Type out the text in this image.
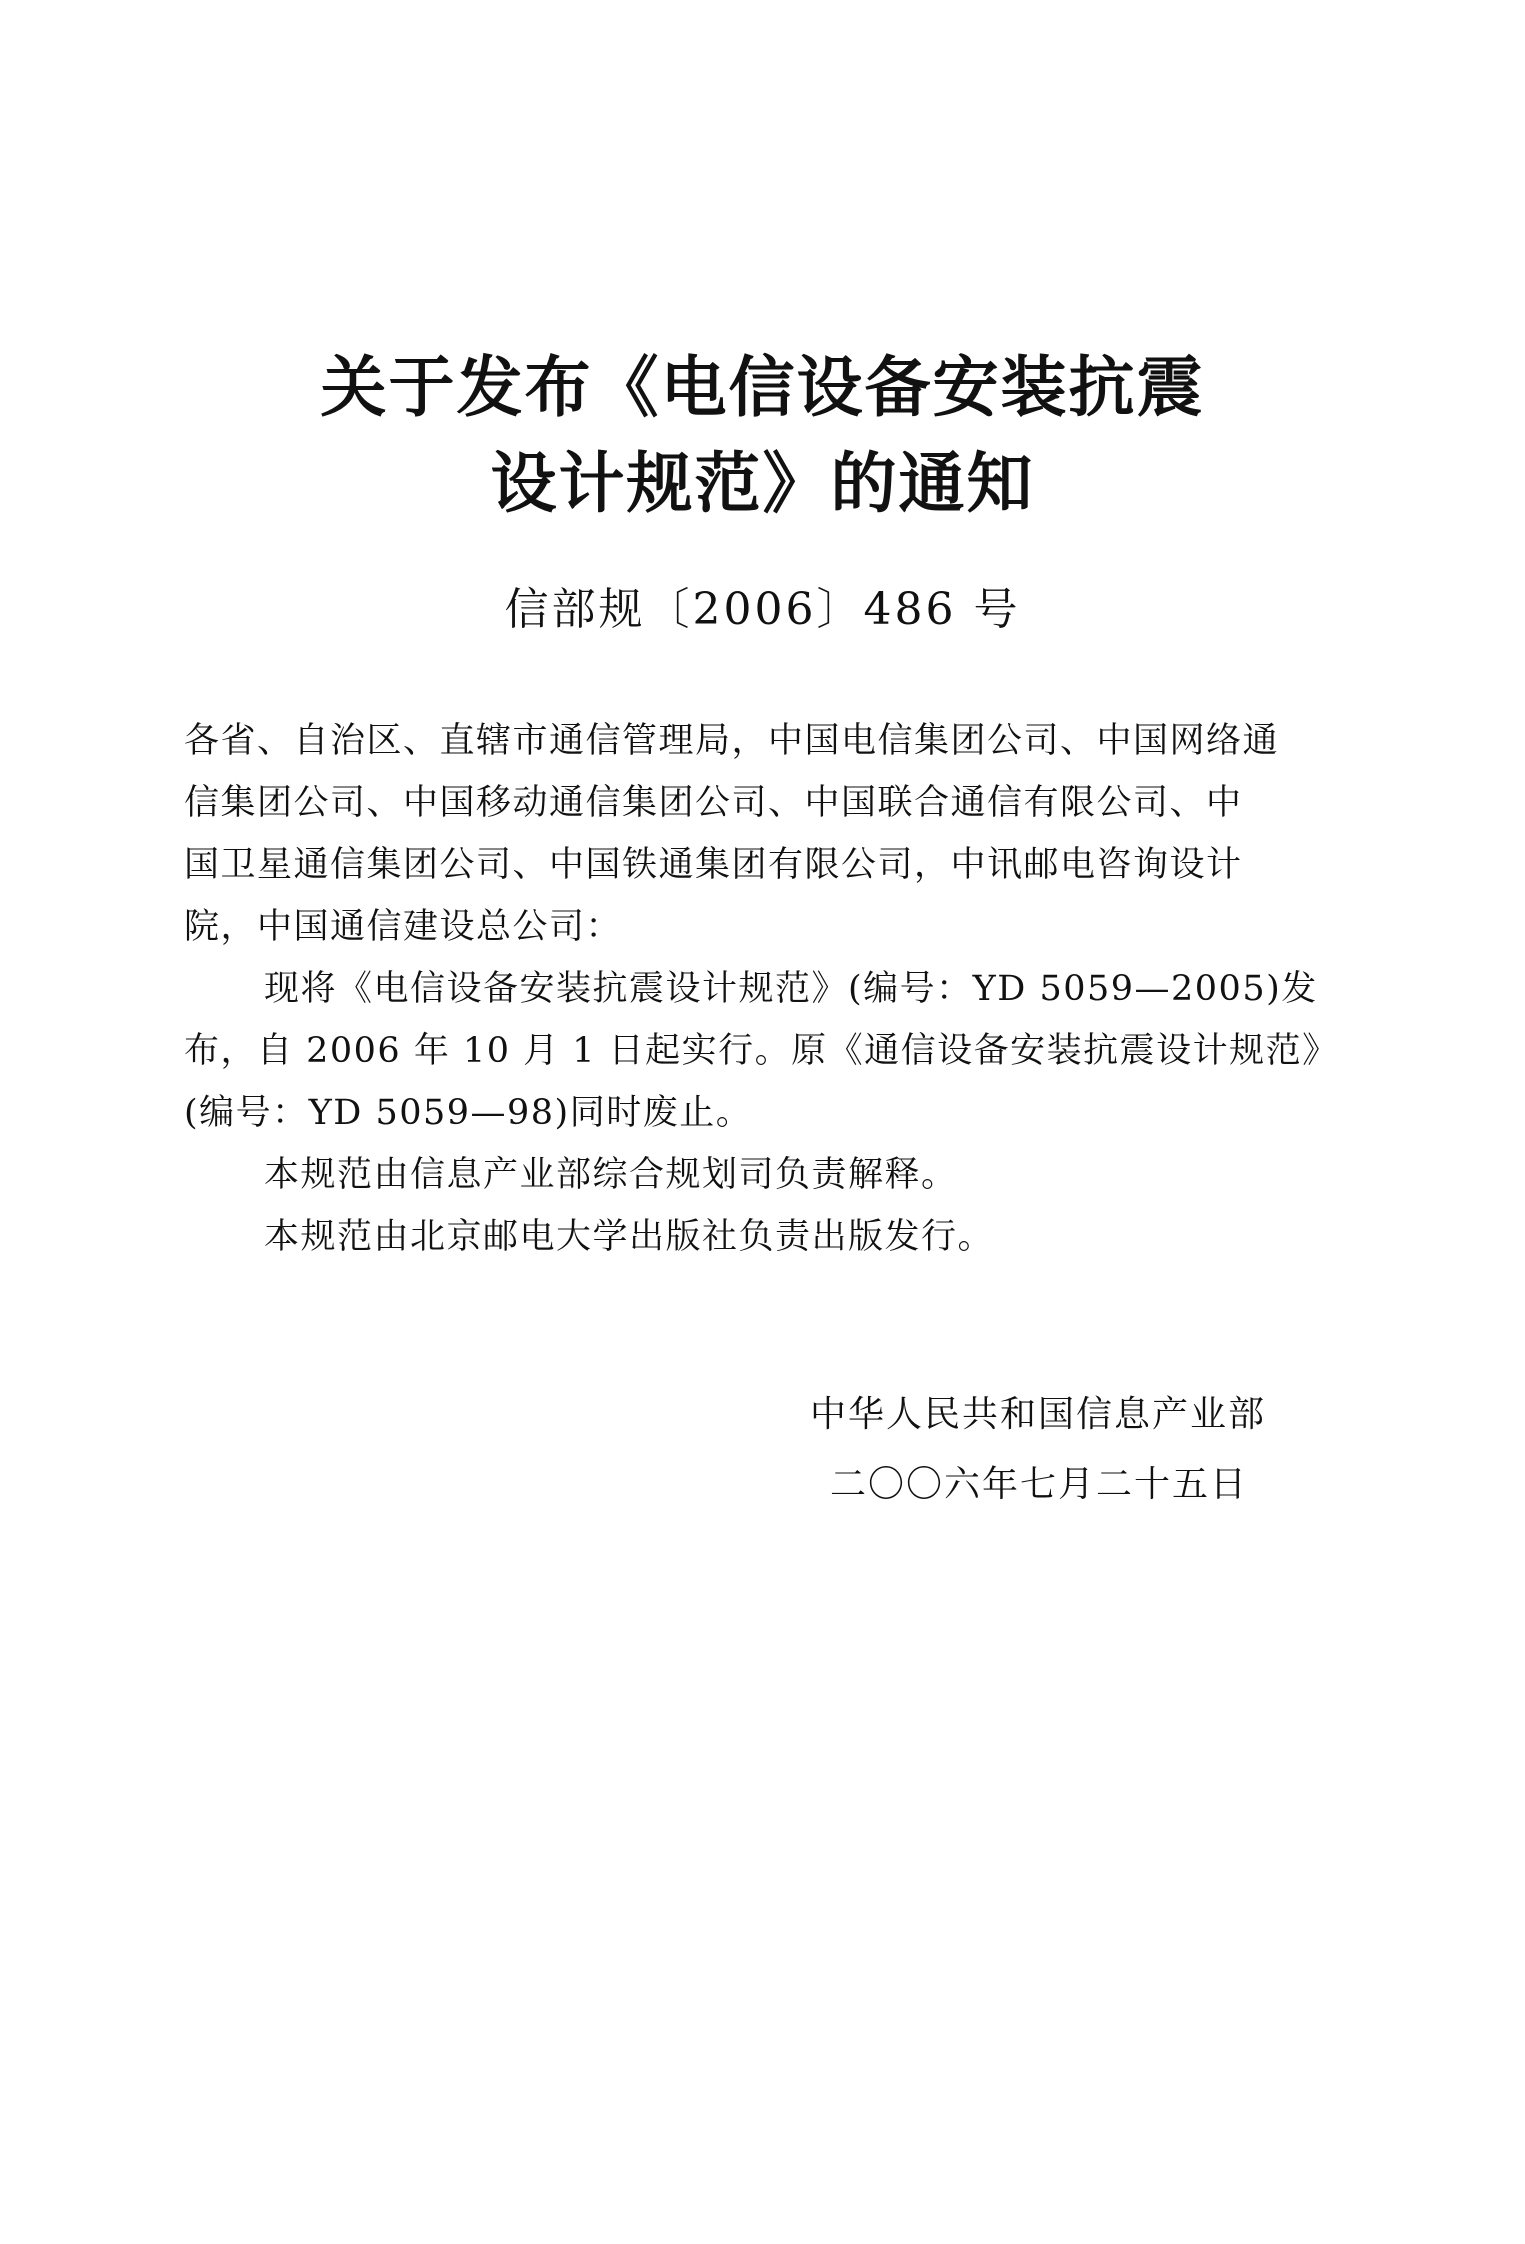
关于发布《电信设备安装抗震
设计规范》的通知
信部规〔2006〕486 号
各省、自治区、直辖市通信管理局，中国电信集团公司、中国网络通
信集团公司、中国移动通信集团公司、中国联合通信有限公司、中
国卫星通信集团公司、中国铁通集团有限公司，中讯邮电咨询设计
院，中国通信建设总公司：
现将《电信设备安装抗震设计规范》(编号：YD 5059—2005)发
布，自 2006 年 10 月 1 日起实行。原《通信设备安装抗震设计规范》
(编号：YD 5059—98)同时废止。
本规范由信息产业部综合规划司负责解释。
本规范由北京邮电大学出版社负责出版发行。
中华人民共和国信息产业部
二〇〇六年七月二十五日
